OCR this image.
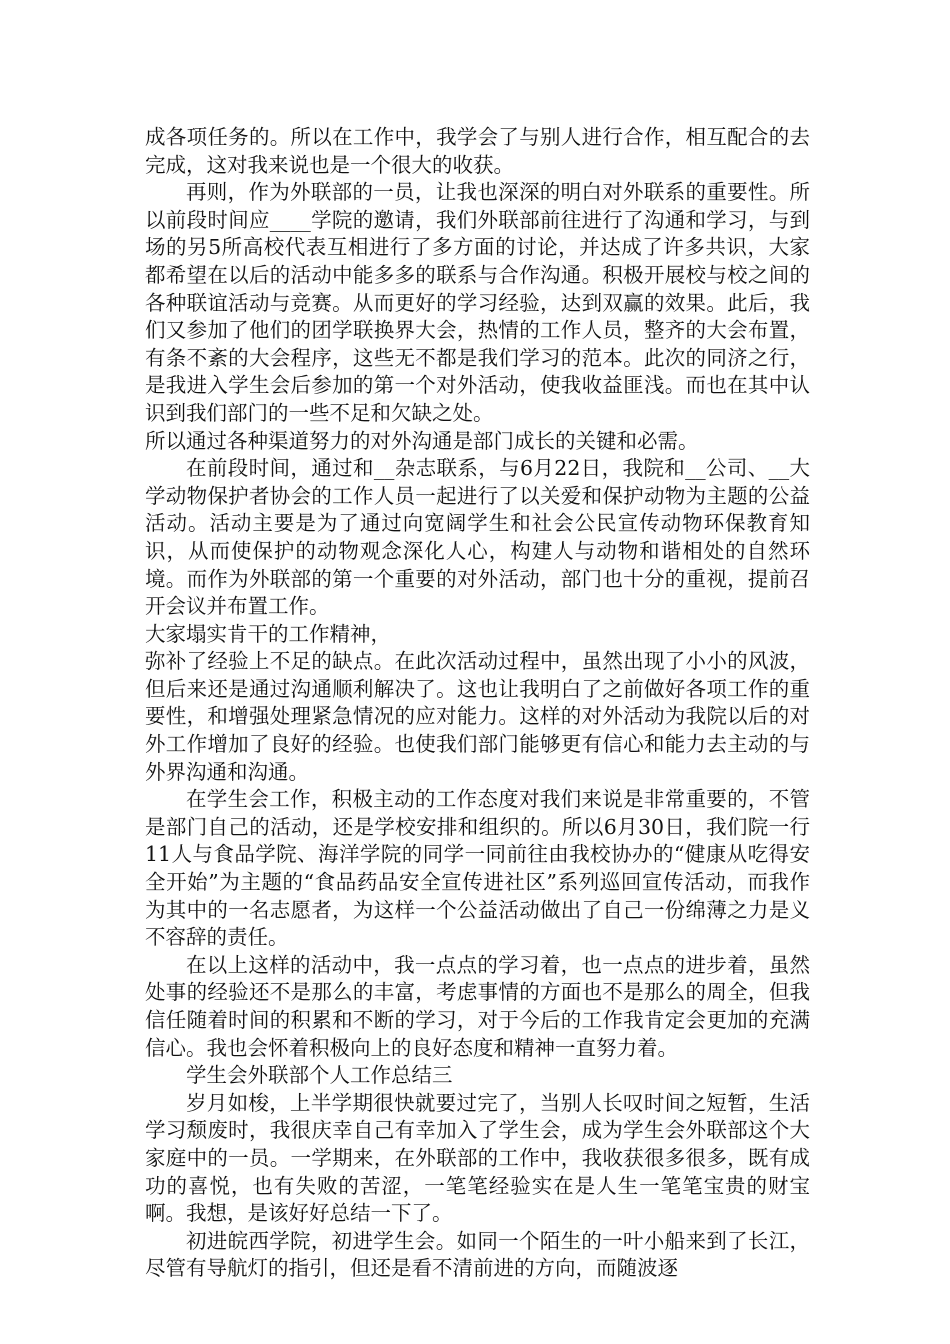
成各项任务的。所以在工作中，我学会了与别人进行合作，相互配合的去完成，这对我来说也是一个很大的收获。

再则，作为外联部的一员，让我也深深的明白对外联系的重要性。所以前段时间应____学院的邀请，我们外联部前往进行了沟通和学习，与到场的另5所高校代表互相进行了多方面的讨论，并达成了许多共识，大家都希望在以后的活动中能多多的联系与合作沟通。积极开展校与校之间的各种联谊活动与竞赛。从而更好的学习经验，达到双赢的效果。此后，我们又参加了他们的团学联换界大会，热情的工作人员，整齐的大会布置，有条不紊的大会程序，这些无不都是我们学习的范本。此次的同济之行，是我进入学生会后参加的第一个对外活动，使我收益匪浅。而也在其中认识到我们部门的一些不足和欠缺之处。

所以通过各种渠道努力的对外沟通是部门成长的关键和必需。

在前段时间，通过和__杂志联系，与6月22日，我院和__公司、__大学动物保护者协会的工作人员一起进行了以关爱和保护动物为主题的公益活动。活动主要是为了通过向宽阔学生和社会公民宣传动物环保教育知识，从而使保护的动物观念深化人心，构建人与动物和谐相处的自然环境。而作为外联部的第一个重要的对外活动，部门也十分的重视，提前召开会议并布置工作。

大家塌实肯干的工作精神，

弥补了经验上不足的缺点。在此次活动过程中，虽然出现了小小的风波，但后来还是通过沟通顺利解决了。这也让我明白了之前做好各项工作的重要性，和增强处理紧急情况的应对能力。这样的对外活动为我院以后的对外工作增加了良好的经验。也使我们部门能够更有信心和能力去主动的与外界沟通和沟通。

在学生会工作，积极主动的工作态度对我们来说是非常重要的，不管是部门自己的活动，还是学校安排和组织的。所以6月30日，我们院一行11人与食品学院、海洋学院的同学一同前往由我校协办的“健康从吃得安全开始”为主题的“食品药品安全宣传进社区”系列巡回宣传活动，而我作为其中的一名志愿者，为这样一个公益活动做出了自己一份绵薄之力是义不容辞的责任。

在以上这样的活动中，我一点点的学习着，也一点点的进步着，虽然处事的经验还不是那么的丰富，考虑事情的方面也不是那么的周全，但我信任随着时间的积累和不断的学习，对于今后的工作我肯定会更加的充满信心。我也会怀着积极向上的良好态度和精神一直努力着。

学生会外联部个人工作总结三

岁月如梭，上半学期很快就要过完了，当别人长叹时间之短暂，生活学习颓废时，我很庆幸自己有幸加入了学生会，成为学生会外联部这个大家庭中的一员。一学期来，在外联部的工作中，我收获很多很多，既有成功的喜悦，也有失败的苦涩，一笔笔经验实在是人生一笔笔宝贵的财宝啊。我想，是该好好总结一下了。

初进皖西学院，初进学生会。如同一个陌生的一叶小船来到了长江，尽管有导航灯的指引，但还是看不清前进的方向，而随波逐
